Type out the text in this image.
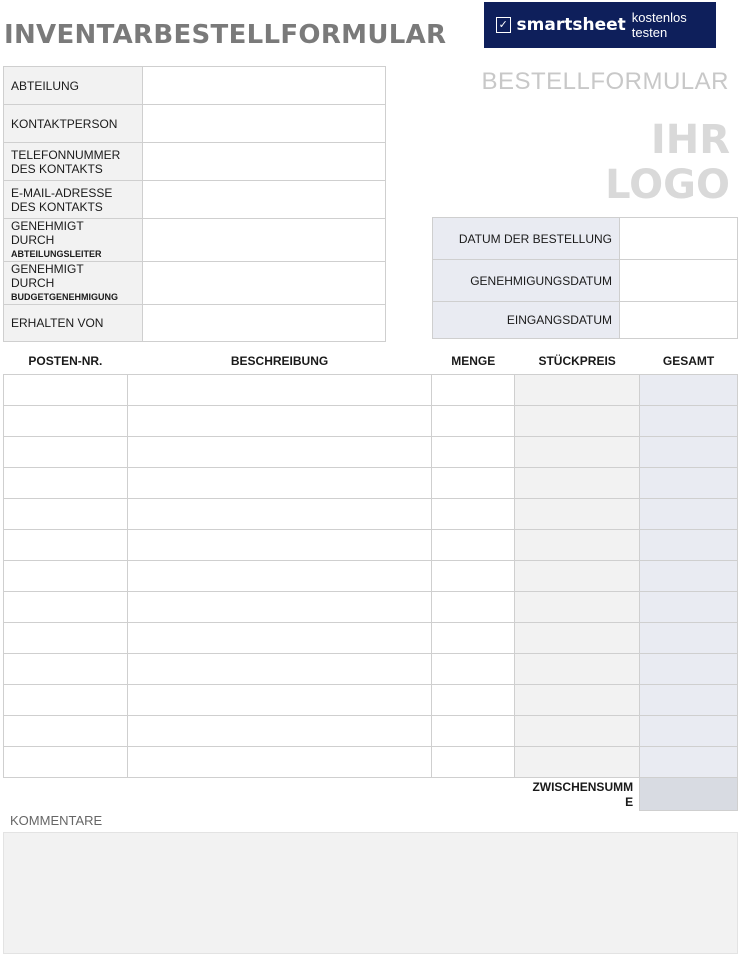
INVENTARBESTELLFORMULAR	✓ smartsheet kostenlos testen
BESTELLFORMULAR
IHR
LOGO
ABTEILUNG	
KONTAKTPERSON	

TELEFONNUMMER
DES KONTAKTS	

E-MAIL-ADRESSE
DES KONTAKTS	

GENEHMIGT
DURCH
ABTEILUNGSLEITER	

GENEHMIGT
DURCH
BUDGETGENEHMIGUNG	

ERHALTEN VON	
DATUM DER BESTELLUNG	
GENEHMIGUNGSDATUM	
EINGANGSDATUM	
POSTEN-NR.	BESCHREIBUNG	MENGE	STÜCKPREIS	GESAMT

			ZWISCHENSUMM
E	

KOMMENTARE
